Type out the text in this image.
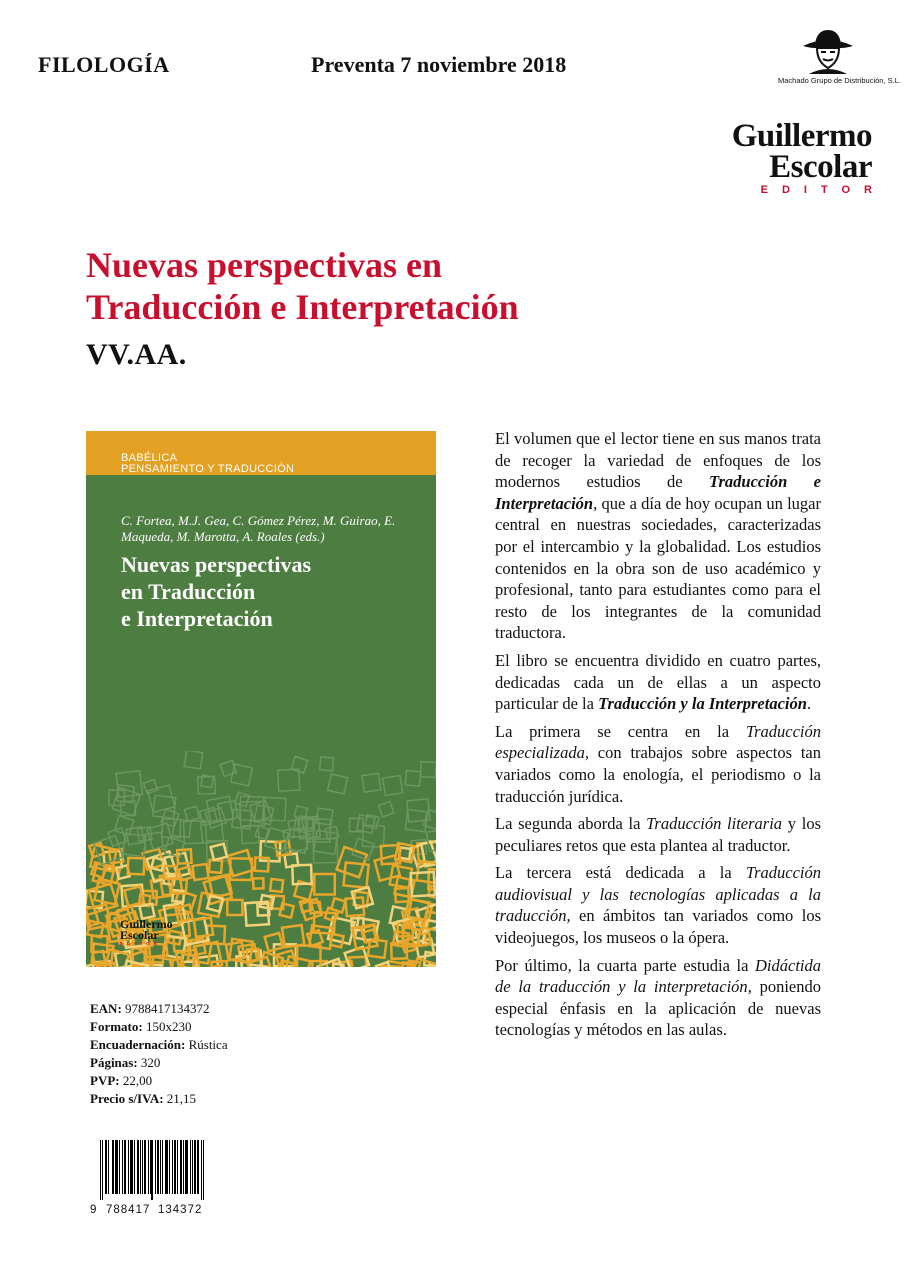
FILOLOGÍA	Preventa 7 noviembre 2018
Machado Grupo de Distribución, S.L.
Guillermo
Escolar
EDITOR
Nuevas perspectivas en
Traducción e Interpretación
VV.AA.
BABÉLICA
PENSAMIENTO Y TRADUCCIÓN
C. Fortea, M.J. Gea, C. Gómez Pérez, M. Guirao, E. Maqueda, M. Marotta, A. Roales (eds.)
Nuevas perspectivas
en Traducción
e Interpretación
Guillermo
Escolar
EDITOR

El volumen que el lector tiene en sus manos trata de recoger la variedad de enfoques de los modernos estudios de Traducción e Interpretación, que a día de hoy ocupan un lugar central en nuestras sociedades, caracterizadas por el intercambio y la globalidad. Los estudios contenidos en la obra son de uso académico y profesional, tanto para estudiantes como para el resto de los integrantes de la comunidad traductora.

El libro se encuentra dividido en cuatro partes, dedicadas cada un de ellas a un aspecto particular de la Traducción y la Interpretación.

La primera se centra en la Traducción especializada, con trabajos sobre aspectos tan variados como la enología, el periodismo o la traducción jurídica.

La segunda aborda la Traducción literaria y los peculiares retos que esta plantea al traductor.

La tercera está dedicada a la Traducción audiovisual y las tecnologías aplicadas a la traducción, en ámbitos tan variados como los videojuegos, los museos o la ópera.

Por último, la cuarta parte estudia la Didáctida de la traducción y la interpretación, poniendo especial énfasis en la aplicación de nuevas tecnologías y métodos en las aulas.

EAN: 9788417134372
Formato: 150x230
Encuadernación: Rústica
Páginas: 320
PVP: 22,00
Precio s/IVA: 21,15
9 788417 134372
